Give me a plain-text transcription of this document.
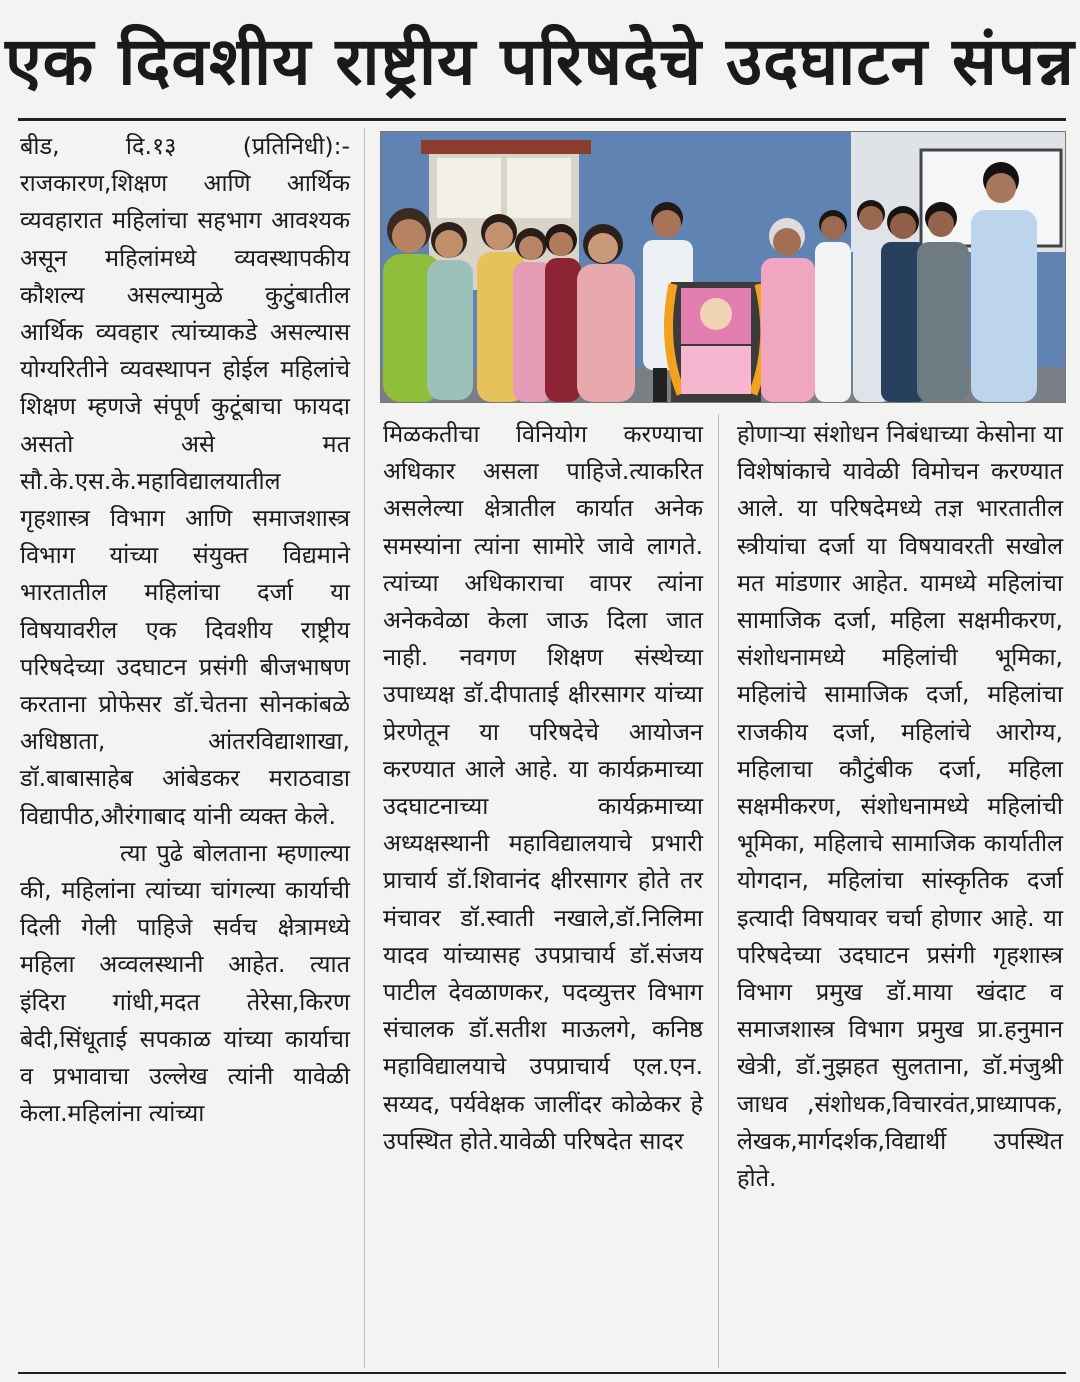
एक दिवशीय राष्ट्रीय परिषदेचे उदघाटन संपन्न

बीड, दि.१३ (प्रतिनिधी):- राजकारण,शिक्षण आणि आर्थिक व्यवहारात महिलांचा सहभाग आवश्यक असून महिलांमध्ये व्यवस्थापकीय कौशल्य असल्यामुळे कुटुंबातील आर्थिक व्यवहार त्यांच्याकडे असल्यास योग्यरितीने व्यवस्थापन होईल महिलांचे शिक्षण म्हणजे संपूर्ण कुटूंबाचा फायदा असतो असे मत सौ.के.एस.के.महाविद्यालयातील गृहशास्त्र विभाग आणि समाजशास्त्र विभाग यांच्या संयुक्त विद्यमाने भारतातील महिलांचा दर्जा या विषयावरील एक दिवशीय राष्ट्रीय परिषदेच्या उदघाटन प्रसंगी बीजभाषण करताना प्रोफेसर डॉ.चेतना सोनकांबळे अधिष्ठाता, आंतरविद्याशाखा, डॉ.बाबासाहेब आंबेडकर मराठवाडा विद्यापीठ,औरंगाबाद यांनी व्यक्त केले.

त्या पुढे बोलताना म्हणाल्या की, महिलांना त्यांच्या चांगल्या कार्याची दिली गेली पाहिजे सर्वच क्षेत्रामध्ये महिला अव्वलस्थानी आहेत. त्यात इंदिरा गांधी,मदत तेरेसा,किरण बेदी,सिंधूताई सपकाळ यांच्या कार्याचा व प्रभावाचा उल्लेख त्यांनी यावेळी केला.महिलांना त्यांच्या

मिळकतीचा विनियोग करण्याचा अधिकार असला पाहिजे.त्याकरित असलेल्या क्षेत्रातील कार्यात अनेक समस्यांना त्यांना सामोरे जावे लागते. त्यांच्या अधिकाराचा वापर त्यांना अनेकवेळा केला जाऊ दिला जात नाही. नवगण शिक्षण संस्थेच्या उपाध्यक्ष डॉ.दीपाताई क्षीरसागर यांच्या प्रेरणेतून या परिषदेचे आयोजन करण्यात आले आहे. या कार्यक्रमाच्या उदघाटनाच्या कार्यक्रमाच्या अध्यक्षस्थानी महाविद्यालयाचे प्रभारी प्राचार्य डॉ.शिवानंद क्षीरसागर होते तर मंचावर डॉ.स्वाती नखाले,डॉ.निलिमा यादव यांच्यासह उपप्राचार्य डॉ.संजय पाटील देवळाणकर, पदव्युत्तर विभाग संचालक डॉ.सतीश माऊलगे, कनिष्ठ महाविद्यालयाचे उपप्राचार्य एल.एन. सय्यद, पर्यवेक्षक जालींदर कोळेकर हे उपस्थित होते.यावेळी परिषदेत सादर

होणाऱ्या संशोधन निबंधाच्या केसोना या विशेषांकाचे यावेळी विमोचन करण्यात आले. या परिषदेमध्ये तज्ञ भारतातील स्त्रीयांचा दर्जा या विषयावरती सखोल मत मांडणार आहेत. यामध्ये महिलांचा सामाजिक दर्जा, महिला सक्षमीकरण, संशोधनामध्ये महिलांची भूमिका, महिलांचे सामाजिक दर्जा, महिलांचा राजकीय दर्जा, महिलांचे आरोग्य, महिलाचा कौटुंबीक दर्जा, महिला सक्षमीकरण, संशोधनामध्ये महिलांची भूमिका, महिलाचे सामाजिक कार्यातील योगदान, महिलांचा सांस्कृतिक दर्जा इत्यादी विषयावर चर्चा होणार आहे. या परिषदेच्या उदघाटन प्रसंगी गृहशास्त्र विभाग प्रमुख डॉ.माया खंदाट व समाजशास्त्र विभाग प्रमुख प्रा.हनुमान खेत्री, डॉ.नुझहत सुलताना, डॉ.मंजुश्री जाधव ,संशोधक,विचारवंत,प्राध्यापक, लेखक,मार्गदर्शक,विद्यार्थी उपस्थित होते.
